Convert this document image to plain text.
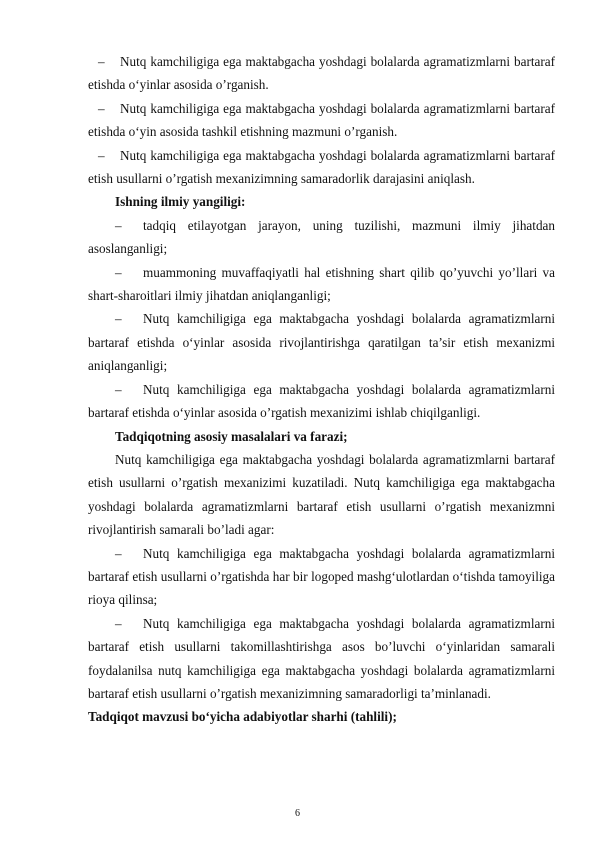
– Nutq kamchiligiga ega maktabgacha yoshdagi bolalarda agramatizmlarni bartaraf etishda o‘yinlar asosida o’rganish.

– Nutq kamchiligiga ega maktabgacha yoshdagi bolalarda agramatizmlarni bartaraf etishda o‘yin asosida tashkil etishning mazmuni o’rganish.

– Nutq kamchiligiga ega maktabgacha yoshdagi bolalarda agramatizmlarni bartaraf etish usullarni o’rgatish mexanizimning samaradorlik darajasini aniqlash.

Ishning ilmiy yangiligi:

– tadqiq etilayotgan jarayon, uning tuzilishi, mazmuni ilmiy jihatdan asoslanganligi;

– muammoning muvaffaqiyatli hal etishning shart qilib qo’yuvchi yo’llari va shart-sharoitlari ilmiy jihatdan aniqlanganligi;

– Nutq kamchiligiga ega maktabgacha yoshdagi bolalarda agramatizmlarni bartaraf etishda o‘yinlar asosida rivojlantirishga qaratilgan ta’sir etish mexanizmi aniqlanganligi;

– Nutq kamchiligiga ega maktabgacha yoshdagi bolalarda agramatizmlarni bartaraf etishda o‘yinlar asosida o’rgatish mexanizimi ishlab chiqilganligi.

Tadqiqotning asosiy masalalari va farazi;

Nutq kamchiligiga ega maktabgacha yoshdagi bolalarda agramatizmlarni bartaraf etish usullarni o’rgatish mexanizimi kuzatiladi. Nutq kamchiligiga ega maktabgacha yoshdagi bolalarda agramatizmlarni bartaraf etish usullarni o’rgatish mexanizmni rivojlantirish samarali bo’ladi agar:

– Nutq kamchiligiga ega maktabgacha yoshdagi bolalarda agramatizmlarni bartaraf etish usullarni o’rgatishda har bir logoped mashg‘ulotlardan o‘tishda tamoyiliga rioya qilinsa;

– Nutq kamchiligiga ega maktabgacha yoshdagi bolalarda agramatizmlarni bartaraf etish usullarni takomillashtirishga asos bo’luvchi o‘yinlaridan samarali foydalanilsa nutq kamchiligiga ega maktabgacha yoshdagi bolalarda agramatizmlarni bartaraf etish usullarni o’rgatish mexanizimning samaradorligi ta’minlanadi.

Tadqiqot mavzusi bo‘yicha adabiyotlar sharhi (tahlili);

6
